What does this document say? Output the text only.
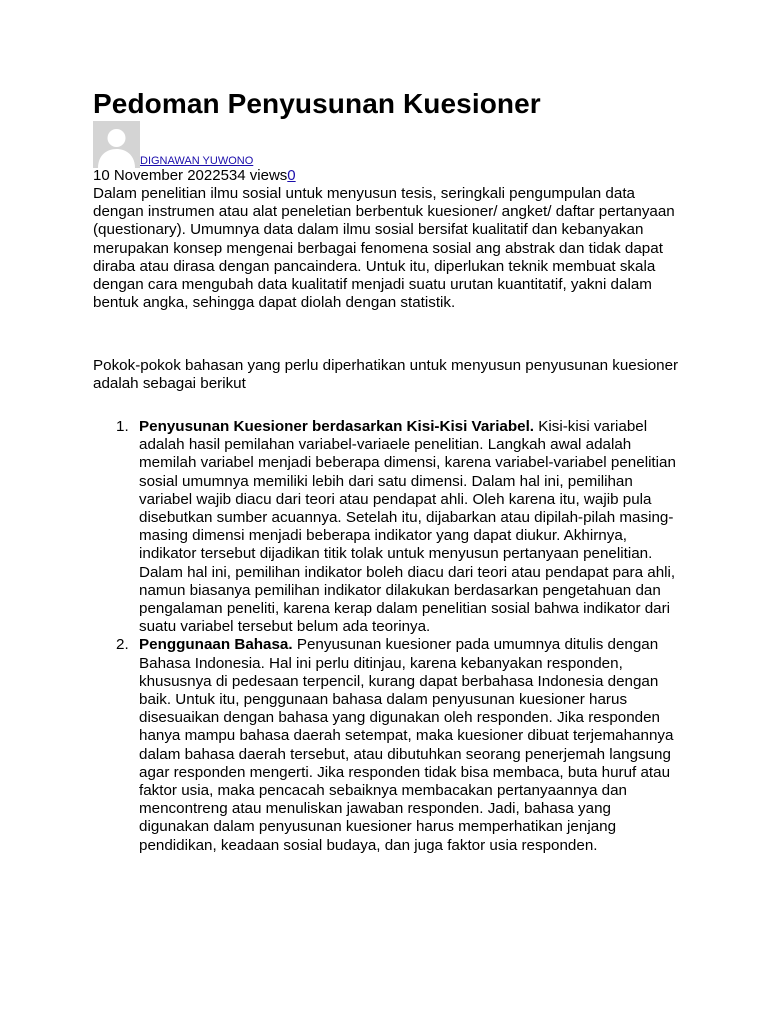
Pedoman Penyusunan Kuesioner
DIGNAWAN YUWONO
10 November 2022534 views0

Dalam penelitian ilmu sosial untuk menyusun tesis, seringkali pengumpulan data dengan instrumen atau alat peneletian berbentuk kuesioner/ angket/ daftar pertanyaan (questionary). Umumnya data dalam ilmu sosial bersifat kualitatif dan kebanyakan merupakan konsep mengenai berbagai fenomena sosial ang abstrak dan tidak dapat diraba atau dirasa dengan pancaindera. Untuk itu, diperlukan teknik membuat skala dengan cara mengubah data kualitatif menjadi suatu urutan kuantitatif, yakni dalam bentuk angka, sehingga dapat diolah dengan statistik.

Pokok-pokok bahasan yang perlu diperhatikan untuk menyusun penyusunan kuesioner adalah sebagai berikut

1. Penyusunan Kuesioner berdasarkan Kisi-Kisi Variabel. Kisi-kisi variabel adalah hasil pemilahan variabel-variaele penelitian. Langkah awal adalah memilah variabel menjadi beberapa dimensi, karena variabel-variabel penelitian sosial umumnya memiliki lebih dari satu dimensi. Dalam hal ini, pemilihan variabel wajib diacu dari teori atau pendapat ahli. Oleh karena itu, wajib pula disebutkan sumber acuannya. Setelah itu, dijabarkan atau dipilah-pilah masing-masing dimensi menjadi beberapa indikator yang dapat diukur. Akhirnya, indikator tersebut dijadikan titik tolak untuk menyusun pertanyaan penelitian. Dalam hal ini, pemilihan indikator boleh diacu dari teori atau pendapat para ahli, namun biasanya pemilihan indikator dilakukan berdasarkan pengetahuan dan pengalaman peneliti, karena kerap dalam penelitian sosial bahwa indikator dari suatu variabel tersebut belum ada teorinya.
2. Penggunaan Bahasa. Penyusunan kuesioner pada umumnya ditulis dengan Bahasa Indonesia. Hal ini perlu ditinjau, karena kebanyakan responden, khususnya di pedesaan terpencil, kurang dapat berbahasa Indonesia dengan baik. Untuk itu, penggunaan bahasa dalam penyusunan kuesioner harus disesuaikan dengan bahasa yang digunakan oleh responden. Jika responden hanya mampu bahasa daerah setempat, maka kuesioner dibuat terjemahannya dalam bahasa daerah tersebut, atau dibutuhkan seorang penerjemah langsung agar responden mengerti. Jika responden tidak bisa membaca, buta huruf atau faktor usia, maka pencacah sebaiknya membacakan pertanyaannya dan mencontreng atau menuliskan jawaban responden. Jadi, bahasa yang digunakan dalam penyusunan kuesioner harus memperhatikan jenjang pendidikan, keadaan sosial budaya, dan juga faktor usia responden.
